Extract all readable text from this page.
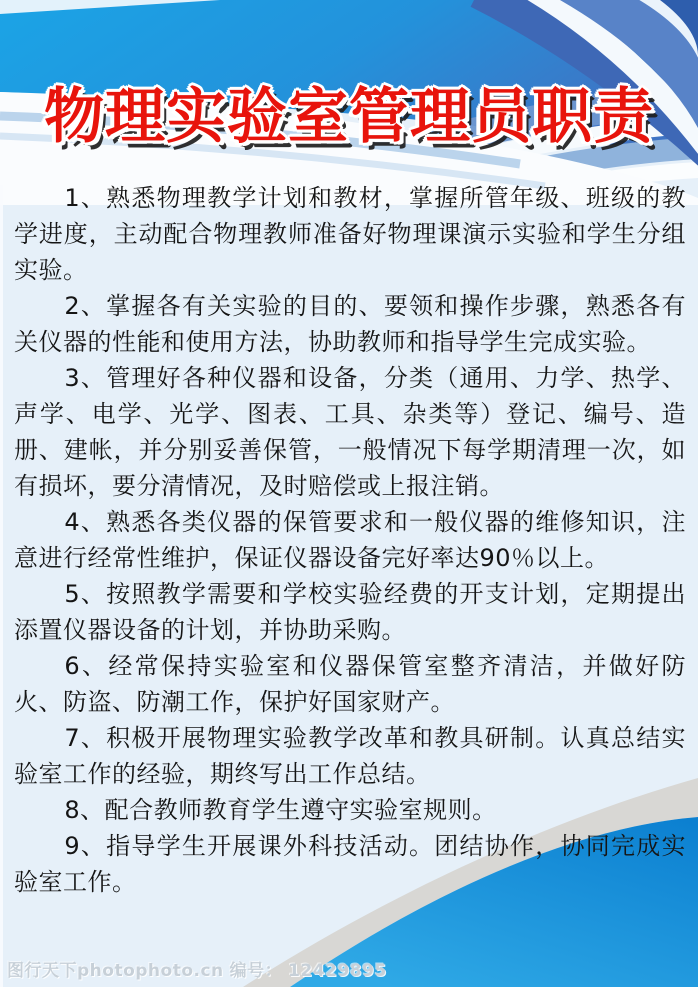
物理实验室管理员职责

1、熟悉物理教学计划和教材，掌握所管年级、班级的教学进度，主动配合物理教师准备好物理课演示实验和学生分组实验。

2、掌握各有关实验的目的、要领和操作步骤，熟悉各有关仪器的性能和使用方法，协助教师和指导学生完成实验。

3、管理好各种仪器和设备，分类（通用、力学、热学、声学、电学、光学、图表、工具、杂类等）登记、编号、造册、建帐，并分别妥善保管，一般情况下每学期清理一次，如有损坏，要分清情况，及时赔偿或上报注销。

4、熟悉各类仪器的保管要求和一般仪器的维修知识，注意进行经常性维护，保证仪器设备完好率达90％以上。

5、按照教学需要和学校实验经费的开支计划，定期提出添置仪器设备的计划，并协助采购。

6、经常保持实验室和仪器保管室整齐清洁，并做好防火、防盗、防潮工作，保护好国家财产。

7、积极开展物理实验教学改革和教具研制。认真总结实验室工作的经验，期终写出工作总结。

8、配合教师教育学生遵守实验室规则。

9、指导学生开展课外科技活动。团结协作，协同完成实验室工作。

图行天下photophoto.cn 编号： 12429895
